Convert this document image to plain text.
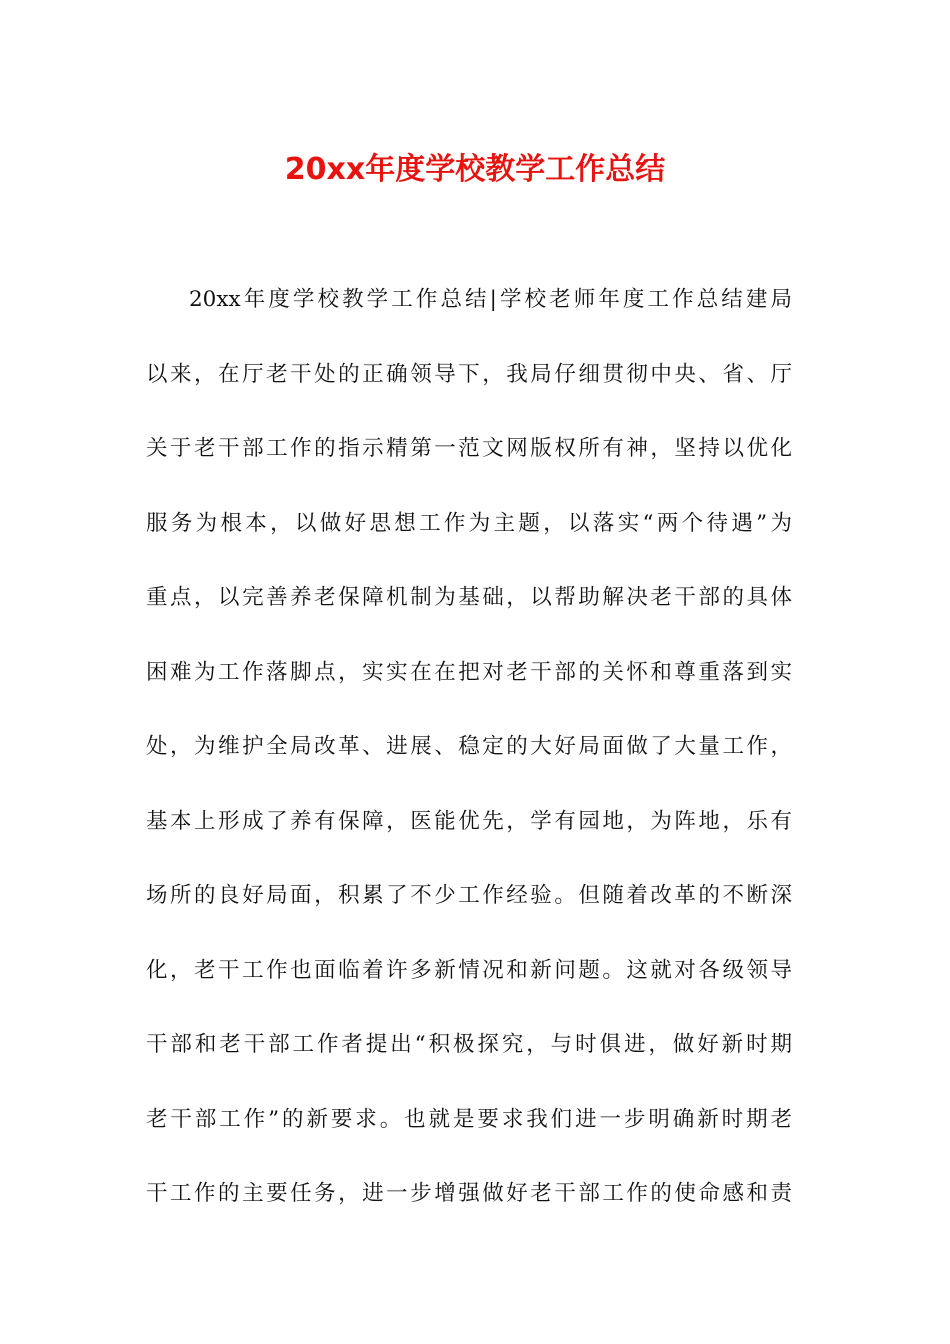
20xx年度学校教学工作总结
20xx年度学校教学工作总结|学校老师年度工作总结建局
以来，在厅老干处的正确领导下，我局仔细贯彻中央、省、厅
关于老干部工作的指示精第一范文网版权所有神，坚持以优化
服务为根本，以做好思想工作为主题，以落实“两个待遇”为
重点，以完善养老保障机制为基础，以帮助解决老干部的具体
困难为工作落脚点，实实在在把对老干部的关怀和尊重落到实
处，为维护全局改革、进展、稳定的大好局面做了大量工作，
基本上形成了养有保障，医能优先，学有园地，为阵地，乐有
场所的良好局面，积累了不少工作经验。但随着改革的不断深
化，老干工作也面临着许多新情况和新问题。这就对各级领导
干部和老干部工作者提出“积极探究，与时俱进，做好新时期
老干部工作”的新要求。也就是要求我们进一步明确新时期老
干工作的主要任务，进一步增强做好老干部工作的使命感和责
